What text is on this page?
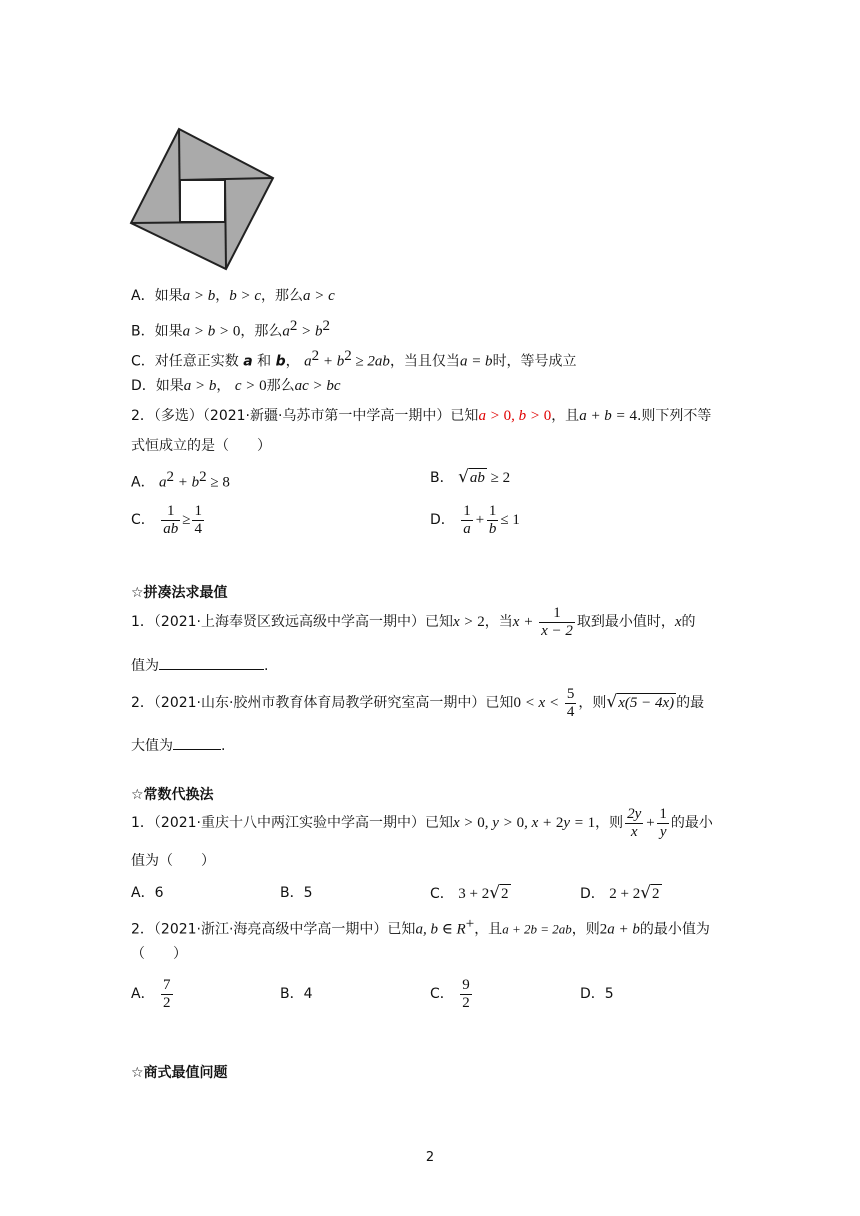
A．如果a > b，b > c，那么a > c
B．如果a > b > 0，那么$a^2 > b^2$
C．对任意正实数 a 和 b， $a^2 + b^2 \ge 2ab$，当且仅当a = b时，等号成立
D．如果a > b， c > 0那么ac > bc
2．（多选）（2021·新疆·乌苏市第一中学高一期中）已知a > 0, b > 0，且a + b = 4.则下列不等
式恒成立的是（　　）
A． $a^2 + b^2 \ge 8$	B． √ab ≥ 2
C． $\frac{1}{ab} \ge \frac{1}{4}$	D． $\frac{1}{a} + \frac{1}{b} \le 1$
☆拼凑法求最值
1．（2021·上海奉贤区致远高级中学高一期中）已知x > 2，当$x + \frac{1}{x - 2}$ 取到最小值时，x的
值为	.
2．（2021·山东·胶州市教育体育局教学研究室高一期中）已知$0 < x < \frac{5}{4}$ ，则√x(5 − 4x) 的最
大值为	.
☆常数代换法
1．（2021·重庆十八中两江实验中学高一期中）已知x > 0, y > 0, x + 2y = 1，则 $\frac{2y}{x} + \frac{1}{y}$ 的最小
值为（　　）
A．6	B．5	C． 3 + 2√2	D． 2 + 2√2
2．（2021·浙江·海亮高级中学高一期中）已知a, b ∈ R+，且a + 2b = 2ab，则2a + b的最小值为
（　　）
A． $\frac{7}{2}$	B．4	C． $\frac{9}{2}$	D．5
☆商式最值问题
2
